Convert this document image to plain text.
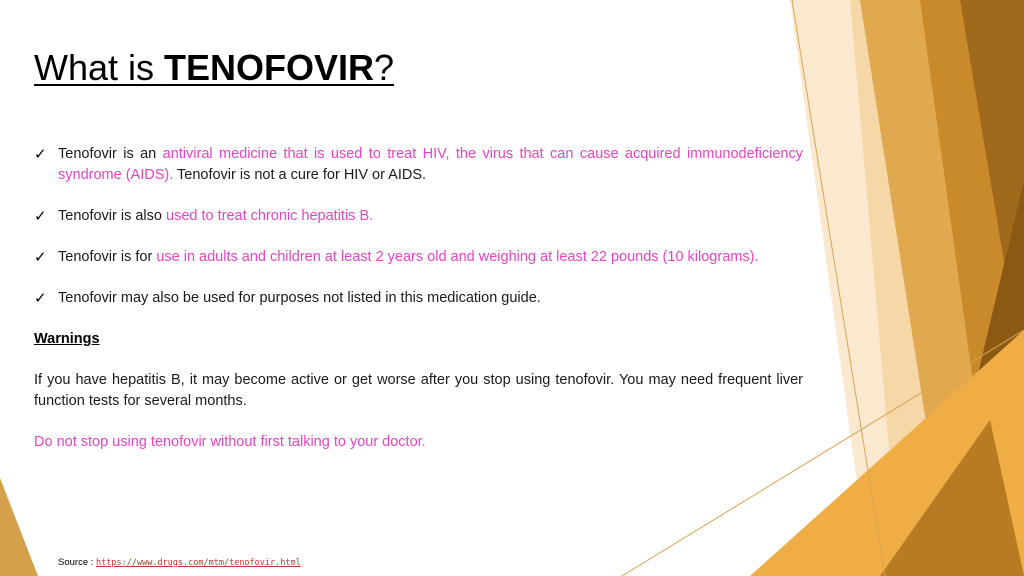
What is TENOFOVIR?
✓ Tenofovir is an antiviral medicine that is used to treat HIV, the virus that can cause acquired immunodeficiency syndrome (AIDS). Tenofovir is not a cure for HIV or AIDS.
✓ Tenofovir is also used to treat chronic hepatitis B.
✓ Tenofovir is for use in adults and children at least 2 years old and weighing at least 22 pounds (10 kilograms).
✓ Tenofovir may also be used for purposes not listed in this medication guide.
Warnings
If you have hepatitis B, it may become active or get worse after you stop using tenofovir. You may need frequent liver function tests for several months.
Do not stop using tenofovir without first talking to your doctor.
Source : https://www.drugs.com/mtm/tenofovir.html
